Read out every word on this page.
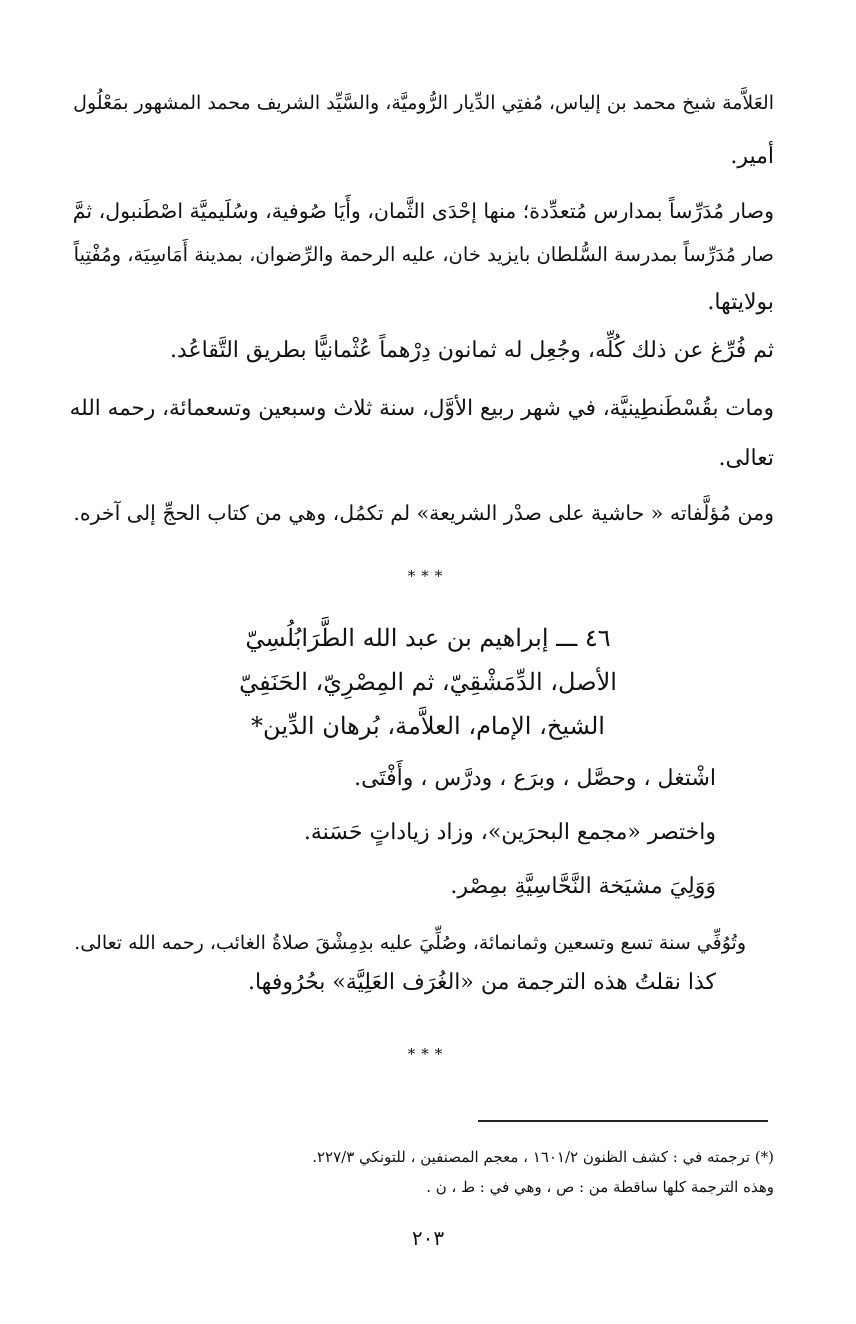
العَلاَّمة شيخ محمد بن إلياس، مُفتِي الدِّيار الرُّوميَّة، والسَّيِّد الشريف محمد المشهور بمَعْلُول
أمير.
وصار مُدَرِّساً بمدارس مُتعدِّدة؛ منها إحْدَى الثَّمان، وأَيَا صُوفية، وسُلَيميَّة اصْطَنبول، ثمَّ
صار مُدَرِّساً بمدرسة السُّلطان بايزيد خان، عليه الرحمة والرِّضوان، بمدينة أَمَاسِيَة، ومُفْتِياً
بولايتها.
ثم فُرِّغ عن ذلك كُلِّه، وجُعِل له ثمانون دِرْهماً عُثْمانيًّا بطريق التَّقاعُد.
ومات بقُسْطَنطِينيَّة، في شهر ربيع الأوَّل، سنة ثلاث وسبعين وتسعمائة، رحمه الله
تعالى.
ومن مُؤلَّفاته « حاشية على صدْر الشريعة» لم تكمُل، وهي من كتاب الحجِّ إلى آخره.
***
٤٦ ـــ إبراهيم بن عبد الله الطَّرَابُلُسِيّ
الأصل، الدِّمَشْقِيّ، ثم المِصْرِيّ، الحَنَفِيّ
الشيخ، الإمام، العلاَّمة، بُرهان الدِّين*
اشْتغل ، وحصَّل ، وبرَع ، ودرَّس ، وأَفْتَى.
واختصر «مجمع البحرَين»، وزاد زياداتٍ حَسَنة.
وَوَلِيَ مشيَخة النَّحَّاسِيَّةِ بمِصْر.
وتُوُفِّي سنة تسع وتسعين وثمانمائة، وصُلِّيَ عليه بدِمِشْقَ صلاةُ الغائب، رحمه الله تعالى.
كذا نقلتُ هذه الترجمة من «الغُرَف العَلِيَّة» بحُرُوفها.
***
(*) ترجمته في : كشف الظنون ١٦٠١/٢ ، معجم المصنفين ، للتونكي ٢٢٧/٣.
وهذه الترجمة كلها ساقطة من : ص ، وهي في : ط ، ن .
٢٠٣
